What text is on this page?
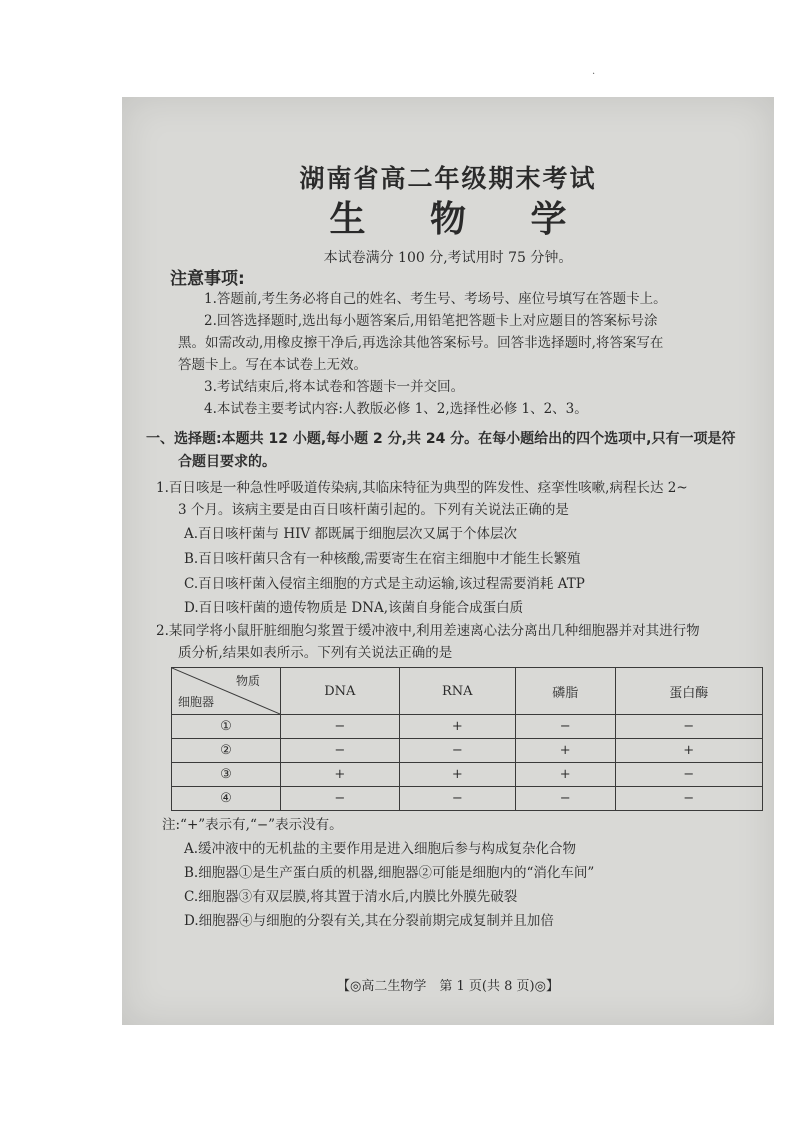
.
湖南省高二年级期末考试
生 物 学
本试卷满分 100 分,考试用时 75 分钟。
注意事项:
1.答题前,考生务必将自己的姓名、考生号、考场号、座位号填写在答题卡上。
2.回答选择题时,选出每小题答案后,用铅笔把答题卡上对应题目的答案标号涂
黑。如需改动,用橡皮擦干净后,再选涂其他答案标号。回答非选择题时,将答案写在
答题卡上。写在本试卷上无效。
3.考试结束后,将本试卷和答题卡一并交回。
4.本试卷主要考试内容:人教版必修 1、2,选择性必修 1、2、3。
一、选择题:本题共 12 小题,每小题 2 分,共 24 分。在每小题给出的四个选项中,只有一项是符
合题目要求的。
1.百日咳是一种急性呼吸道传染病,其临床特征为典型的阵发性、痉挛性咳嗽,病程长达 2~
3 个月。该病主要是由百日咳杆菌引起的。下列有关说法正确的是
A.百日咳杆菌与 HIV 都既属于细胞层次又属于个体层次
B.百日咳杆菌只含有一种核酸,需要寄生在宿主细胞中才能生长繁殖
C.百日咳杆菌入侵宿主细胞的方式是主动运输,该过程需要消耗 ATP
D.百日咳杆菌的遗传物质是 DNA,该菌自身能合成蛋白质
2.某同学将小鼠肝脏细胞匀浆置于缓冲液中,利用差速离心法分离出几种细胞器并对其进行物
质分析,结果如表所示。下列有关说法正确的是
物质
细胞器	DNA	RNA	磷脂	蛋白酶
①	−	+	−	−
②	−	−	+	+
③	+	+	+	−
④	−	−	−	−
注:“+”表示有,“−”表示没有。
A.缓冲液中的无机盐的主要作用是进入细胞后参与构成复杂化合物
B.细胞器①是生产蛋白质的机器,细胞器②可能是细胞内的“消化车间”
C.细胞器③有双层膜,将其置于清水后,内膜比外膜先破裂
D.细胞器④与细胞的分裂有关,其在分裂前期完成复制并且加倍
【◎高二生物学　第 1 页(共 8 页)◎】
